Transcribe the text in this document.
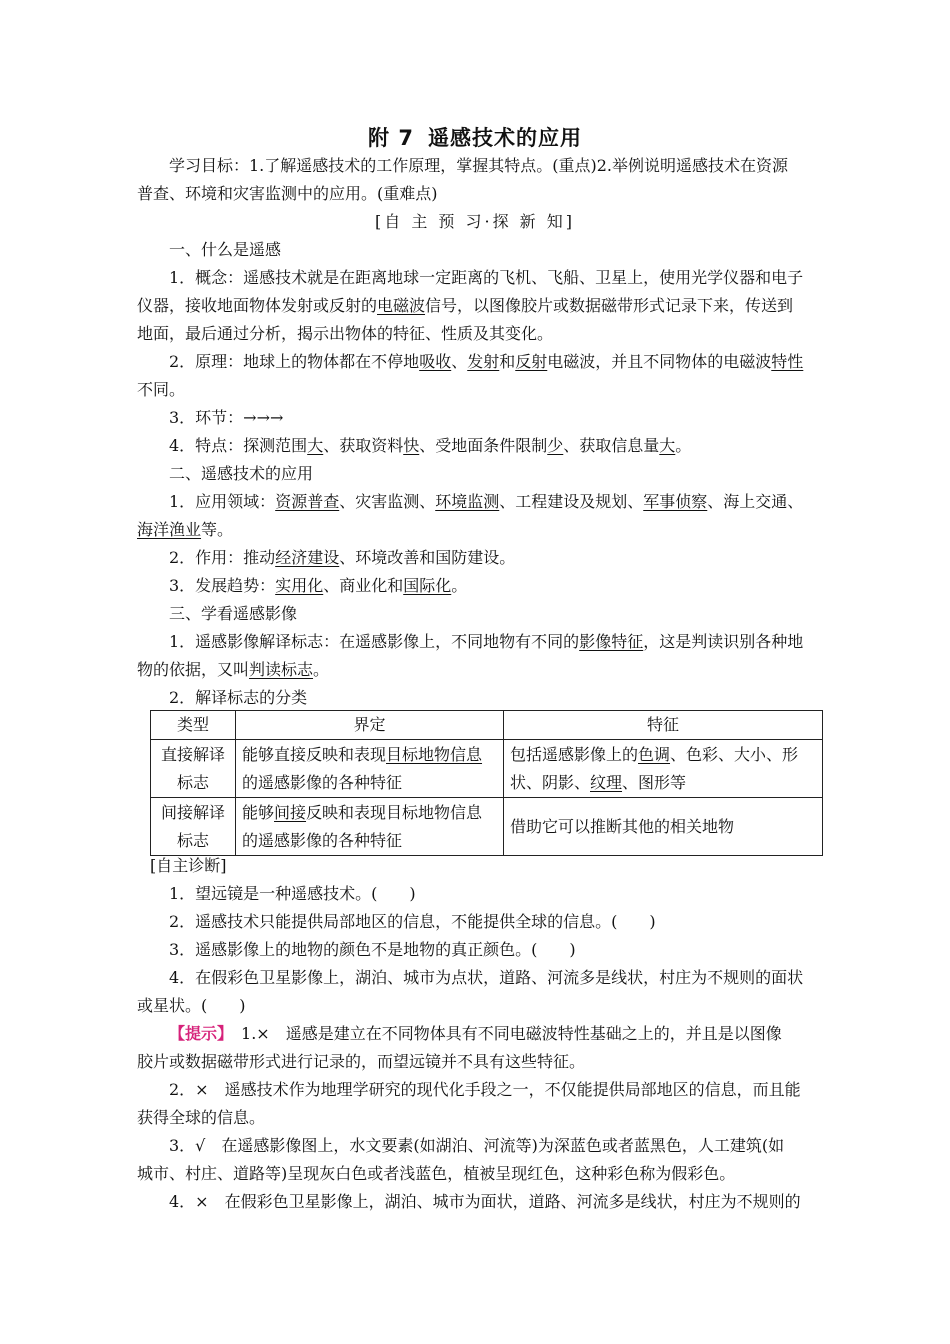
附 7 遥感技术的应用
学习目标：1.了解遥感技术的工作原理，掌握其特点。(重点)2.举例说明遥感技术在资源
普查、环境和灾害监测中的应用。(重难点)
[自 主 预 习·探 新 知]
一、什么是遥感
1．概念：遥感技术就是在距离地球一定距离的飞机、飞船、卫星上，使用光学仪器和电子
仪器，接收地面物体发射或反射的电磁波信号，以图像胶片或数据磁带形式记录下来，传送到
地面，最后通过分析，揭示出物体的特征、性质及其变化。
2．原理：地球上的物体都在不停地吸收、发射和反射电磁波，并且不同物体的电磁波特性
不同。
3．环节：→→→
4．特点：探测范围大、获取资料快、受地面条件限制少、获取信息量大。
二、遥感技术的应用
1．应用领域：资源普查、灾害监测、环境监测、工程建设及规划、军事侦察、海上交通、
海洋渔业等。
2．作用：推动经济建设、环境改善和国防建设。
3．发展趋势：实用化、商业化和国际化。
三、学看遥感影像
1．遥感影像解译标志：在遥感影像上，不同地物有不同的影像特征，这是判读识别各种地
物的依据，又叫判读标志。
2．解译标志的分类
类型	界定	特征
直接解译标志	能够直接反映和表现目标地物信息的遥感影像的各种特征	包括遥感影像上的色调、色彩、大小、形状、阴影、纹理、图形等
间接解译标志	能够间接反映和表现目标地物信息的遥感影像的各种特征	借助它可以推断其他的相关地物
[自主诊断]
1．望远镜是一种遥感技术。(　　)
2．遥感技术只能提供局部地区的信息，不能提供全球的信息。(　　)
3．遥感影像上的地物的颜色不是地物的真正颜色。(　　)
4．在假彩色卫星影像上，湖泊、城市为点状，道路、河流多是线状，村庄为不规则的面状
或星状。(　　)
【提示】　1.×　遥感是建立在不同物体具有不同电磁波特性基础之上的，并且是以图像
胶片或数据磁带形式进行记录的，而望远镜并不具有这些特征。
2．×　遥感技术作为地理学研究的现代化手段之一，不仅能提供局部地区的信息，而且能
获得全球的信息。
3．√　在遥感影像图上，水文要素(如湖泊、河流等)为深蓝色或者蓝黑色，人工建筑(如
城市、村庄、道路等)呈现灰白色或者浅蓝色，植被呈现红色，这种彩色称为假彩色。
4．×　在假彩色卫星影像上，湖泊、城市为面状，道路、河流多是线状，村庄为不规则的
